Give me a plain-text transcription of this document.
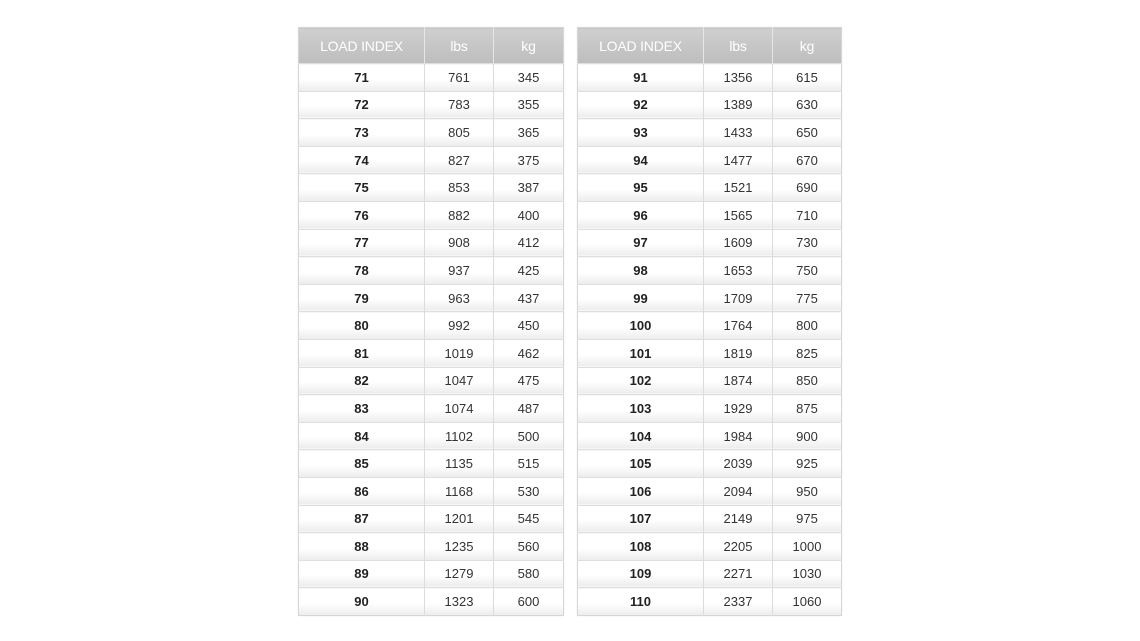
LOAD INDEX	lbs	kg
71	761	345
72	783	355
73	805	365
74	827	375
75	853	387
76	882	400
77	908	412
78	937	425
79	963	437
80	992	450
81	1019	462
82	1047	475
83	1074	487
84	1102	500
85	1135	515
86	1168	530
87	1201	545
88	1235	560
89	1279	580
90	1323	600
LOAD INDEX	lbs	kg
91	1356	615
92	1389	630
93	1433	650
94	1477	670
95	1521	690
96	1565	710
97	1609	730
98	1653	750
99	1709	775
100	1764	800
101	1819	825
102	1874	850
103	1929	875
104	1984	900
105	2039	925
106	2094	950
107	2149	975
108	2205	1000
109	2271	1030
110	2337	1060
